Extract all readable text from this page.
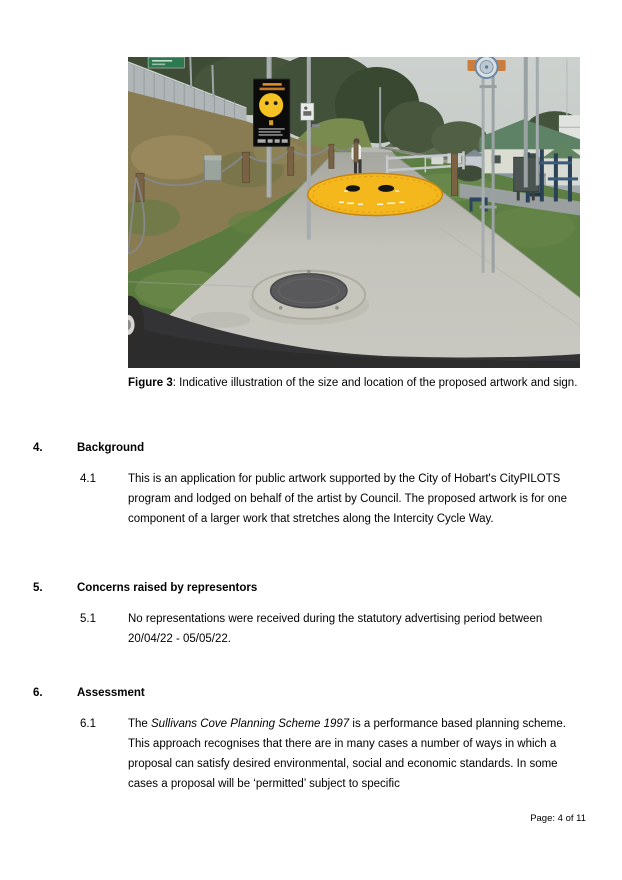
Figure 3: Indicative illustration of the size and location of the proposed artwork and sign.
4.	Background
4.1	This is an application for public artwork supported by the City of Hobart's CityPILOTS program and lodged on behalf of the artist by Council. The proposed artwork is for one component of a larger work that stretches along the Intercity Cycle Way.

5.	Concerns raised by representors
5.1	No representations were received during the statutory advertising period between 20/04/22 - 05/05/22.

6.	Assessment
6.1	The Sullivans Cove Planning Scheme 1997 is a performance based planning scheme. This approach recognises that there are in many cases a number of ways in which a proposal can satisfy desired environmental, social and economic standards. In some cases a proposal will be ‘permitted’ subject to specific

Page: 4 of 11
